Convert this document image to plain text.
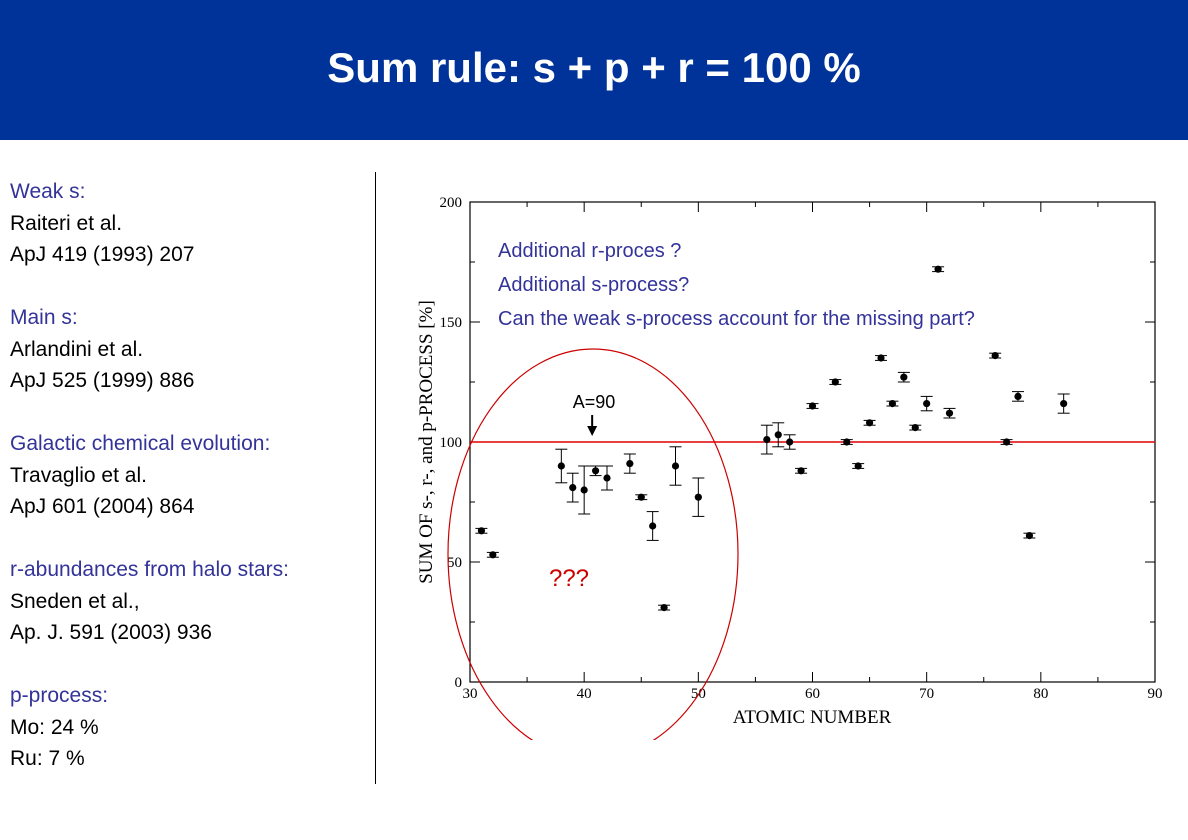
Sum rule: s + p + r = 100 %
Weak s:
Raiteri et al.
ApJ 419 (1993) 207
Main s:
Arlandini et al.
ApJ 525 (1999) 886
Galactic chemical evolution:
Travaglio et al.
ApJ 601 (2004) 864
r-abundances from halo stars:
Sneden et al.,
Ap. J. 591 (2003) 936
p-process:
Mo: 24 %
Ru: 7 %
30	40	50	60	70	80	90
0
50
100
150
200
ATOMIC NUMBER
SUM OF s-, r-, and p-PROCESS [%]	???
A=90
Additional r-proces ?
Additional s-process?
Can the weak s-process account for the missing part?
